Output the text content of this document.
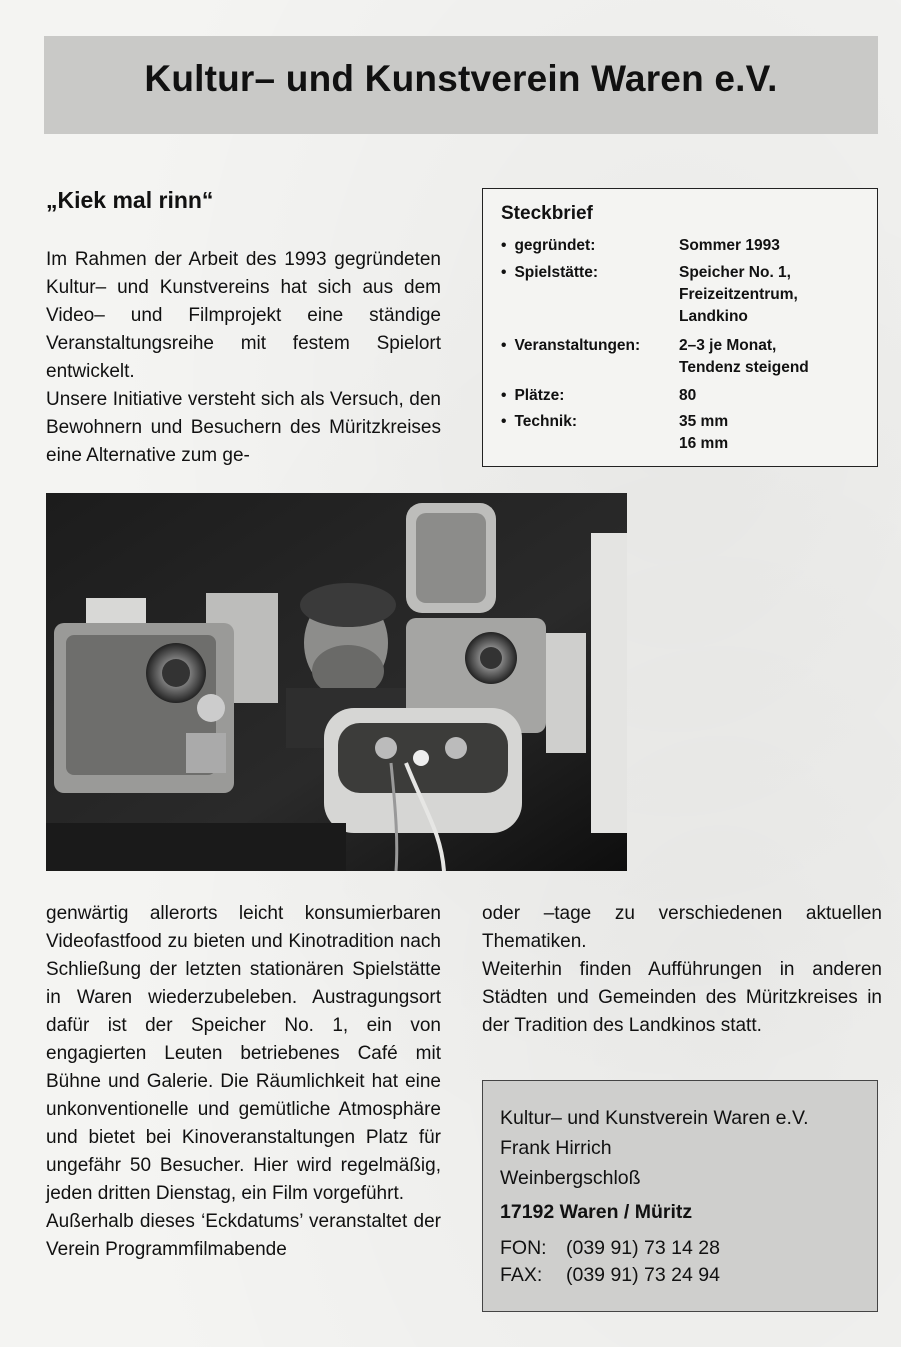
Kultur– und Kunstverein Waren e.V.
„Kiek mal rinn“

Im Rahmen der Arbeit des 1993 gegründeten Kultur– und Kunstvereins hat sich aus dem Video– und Filmprojekt eine ständige Veranstaltungsreihe mit festem Spielort entwickelt.

Unsere Initiative versteht sich als Versuch, den Bewohnern und Besuchern des Müritzkreises eine Alternative zum ge-

Steckbrief
• gegründet:	Sommer 1993
• Spielstätte:	Speicher No. 1,
Freizeitzentrum,
Landkino
• Veranstaltungen:	2–3 je Monat,
Tendenz steigend
• Plätze:	80
• Technik:	35 mm
16 mm

genwärtig allerorts leicht konsumierbaren Videofastfood zu bieten und Kinotradition nach Schließung der letzten stationären Spielstätte in Waren wiederzubeleben. Austragungsort dafür ist der Speicher No. 1, ein von engagierten Leuten betriebenes Café mit Bühne und Galerie. Die Räumlichkeit hat eine unkonventionelle und gemütliche Atmosphäre und bietet bei Kinoveranstaltungen Platz für ungefähr 50 Besucher. Hier wird regelmäßig, jeden dritten Dienstag, ein Film vorgeführt.

Außerhalb dieses ‘Eckdatums’ veranstaltet der Verein Programmfilmabende

oder –tage zu verschiedenen aktuellen Thematiken.

Weiterhin finden Aufführungen in anderen Städten und Gemeinden des Müritzkreises in der Tradition des Landkinos statt.

Kultur– und Kunstverein Waren e.V.
Frank Hirrich
Weinbergschloß
17192 Waren / Müritz
FON: (039 91) 73 14 28
FAX: (039 91) 73 24 94
